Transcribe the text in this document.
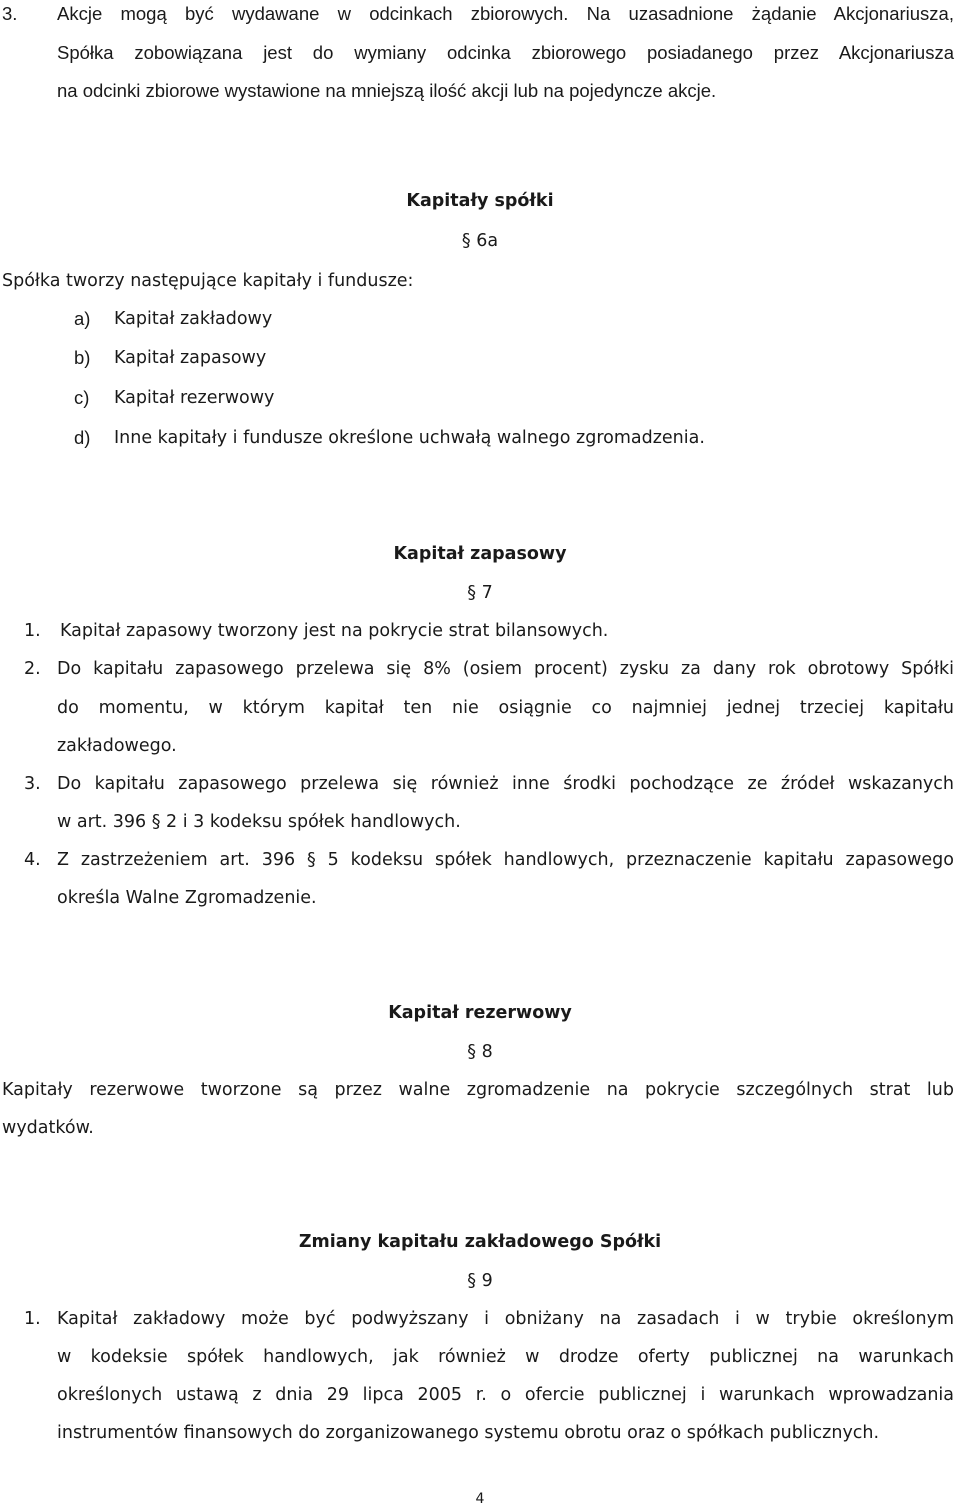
3. Akcje mogą być wydawane w odcinkach zbiorowych. Na uzasadnione żądanie Akcjonariusza,
Spółka zobowiązana jest do wymiany odcinka zbiorowego posiadanego przez Akcjonariusza
na odcinki zbiorowe wystawione na mniejszą ilość akcji lub na pojedyncze akcje.
Kapitały spółki
§ 6a
Spółka tworzy następujące kapitały i fundusze:
a) Kapitał zakładowy
b) Kapitał zapasowy
c) Kapitał rezerwowy
d) Inne kapitały i fundusze określone uchwałą walnego zgromadzenia.
Kapitał zapasowy
§ 7
1. Kapitał zapasowy tworzony jest na pokrycie strat bilansowych.
2. Do kapitału zapasowego przelewa się 8% (osiem procent) zysku za dany rok obrotowy Spółki
do momentu, w którym kapitał ten nie osiągnie co najmniej jednej trzeciej kapitału
zakładowego.
3. Do kapitału zapasowego przelewa się również inne środki pochodzące ze źródeł wskazanych
w art. 396 § 2 i 3 kodeksu spółek handlowych.
4. Z zastrzeżeniem art. 396 § 5 kodeksu spółek handlowych, przeznaczenie kapitału zapasowego
określa Walne Zgromadzenie.
Kapitał rezerwowy
§ 8
Kapitały rezerwowe tworzone są przez walne zgromadzenie na pokrycie szczególnych strat lub
wydatków.
Zmiany kapitału zakładowego Spółki
§ 9
1. Kapitał zakładowy może być podwyższany i obniżany na zasadach i w trybie określonym
w kodeksie spółek handlowych, jak również w drodze oferty publicznej na warunkach
określonych ustawą z dnia 29 lipca 2005 r. o ofercie publicznej i warunkach wprowadzania
instrumentów finansowych do zorganizowanego systemu obrotu oraz o spółkach publicznych.
4
